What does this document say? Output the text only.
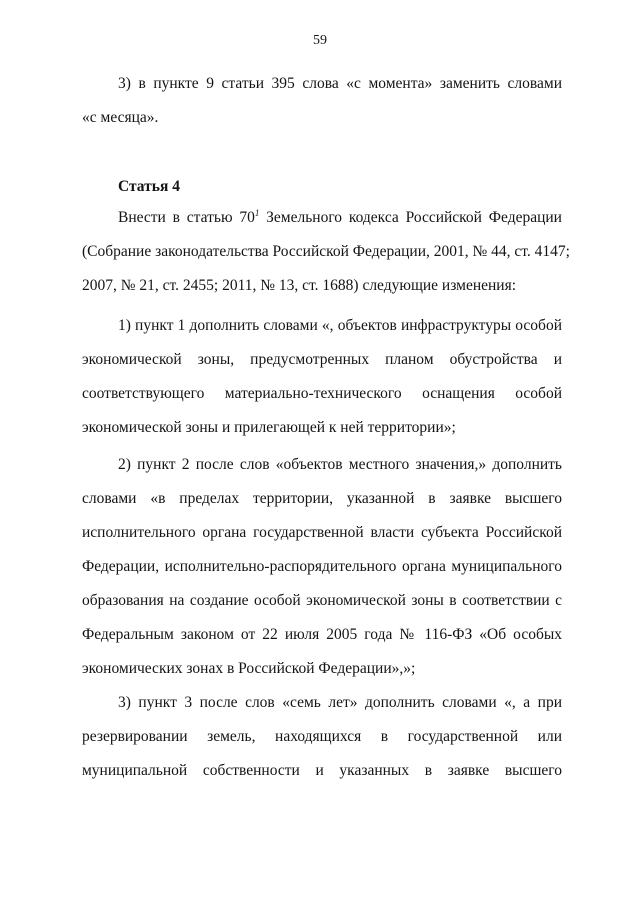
59
3) в пункте 9 статьи 395 слова «с момента» заменить словами
«с месяца».
Статья 4
Внести в статью $70^1$ Земельного кодекса Российской Федерации
(Собрание законодательства Российской Федерации, 2001, № 44, ст. 4147;
2007, № 21, ст. 2455; 2011, № 13, ст. 1688) следующие изменения:
1) пункт 1 дополнить словами «, объектов инфраструктуры особой
экономической зоны, предусмотренных планом обустройства и
соответствующего материально-технического оснащения особой
экономической зоны и прилегающей к ней территории»;
2) пункт 2 после слов «объектов местного значения,» дополнить
словами «в пределах территории, указанной в заявке высшего
исполнительного органа государственной власти субъекта Российской
Федерации, исполнительно-распорядительного органа муниципального
образования на создание особой экономической зоны в соответствии с
Федеральным законом от 22 июля 2005 года № 116-ФЗ «Об особых
экономических зонах в Российской Федерации»,»;
3) пункт 3 после слов «семь лет» дополнить словами «, а при
резервировании земель, находящихся в государственной или
муниципальной собственности и указанных в заявке высшего
